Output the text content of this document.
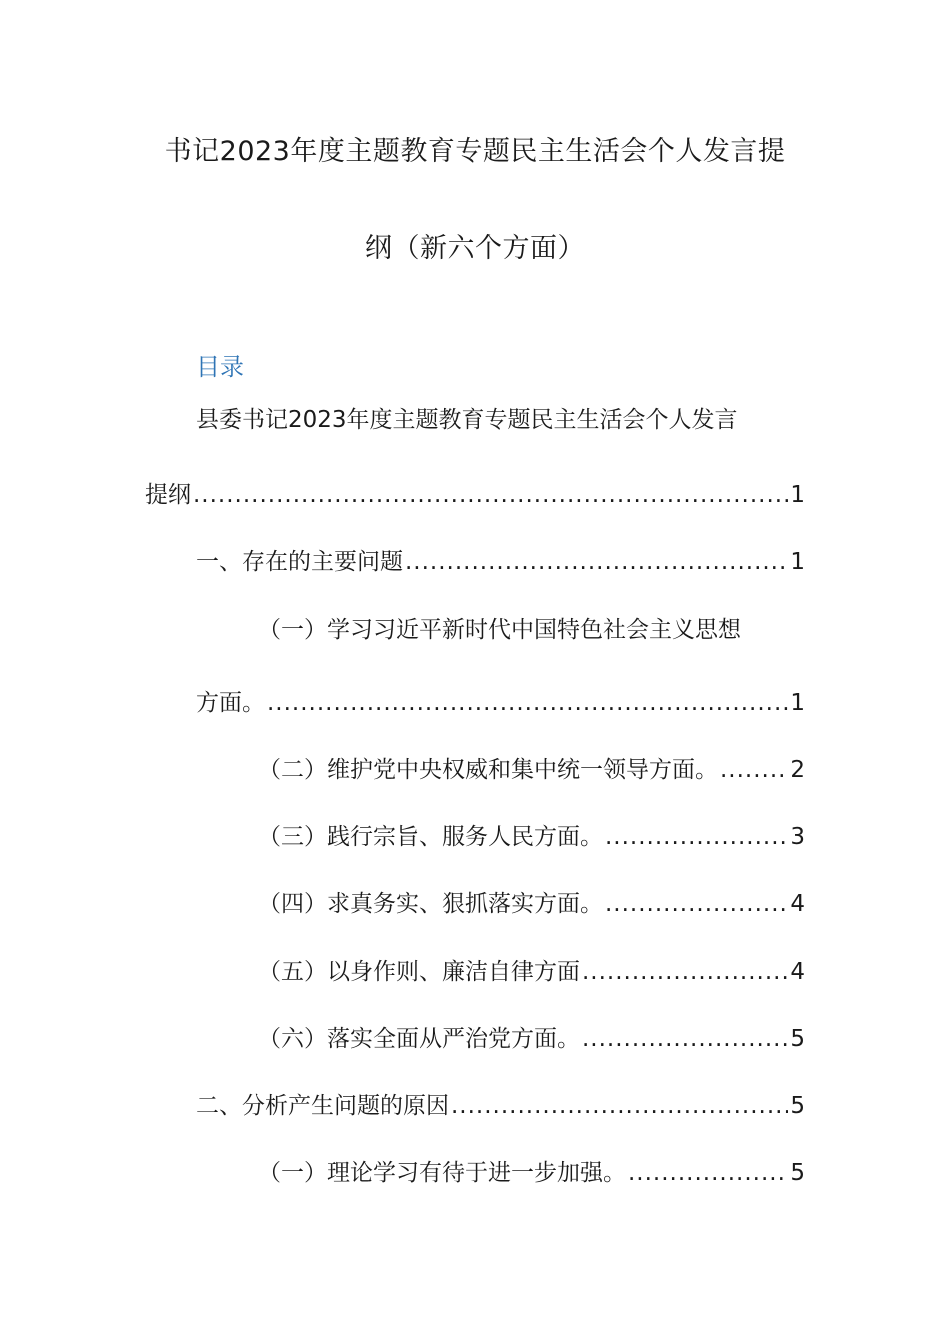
书记2023年度主题教育专题民主生活会个人发言提
纲（新六个方面）
目录
县委书记2023年度主题教育专题民主生活会个人发言
提纲 .....	1
一、存在的主要问题 .....	1
（一）学习习近平新时代中国特色社会主义思想
方面。 .....	1
（二）维护党中央权威和集中统一领导方面。 .....	2
（三）践行宗旨、服务人民方面。 .....	3
（四）求真务实、狠抓落实方面。 .....	4
（五）以身作则、廉洁自律方面 .....	4
（六）落实全面从严治党方面。 .....	5
二、分析产生问题的原因 .....	5
（一）理论学习有待于进一步加强。 .....	5
